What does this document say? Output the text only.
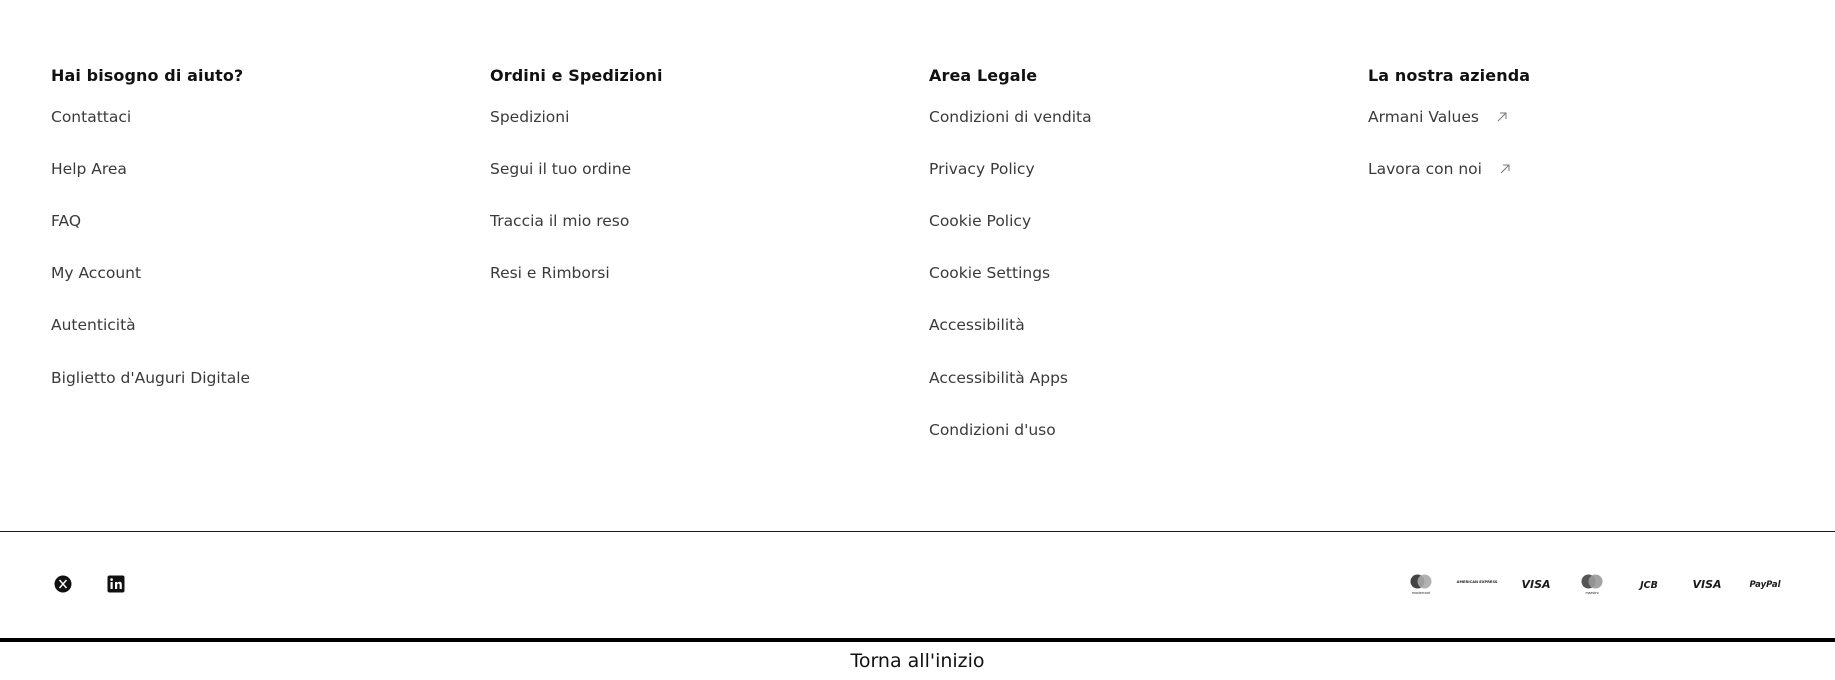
Hai bisogno di aiuto?
Contattaci
Help Area
FAQ
My Account
Autenticità
Biglietto d'Auguri Digitale
Ordini e Spedizioni
Spedizioni
Segui il tuo ordine
Traccia il mio reso
Resi e Rimborsi
Area Legale
Condizioni di vendita
Privacy Policy
Cookie Policy
Cookie Settings
Accessibilità
Accessibilità Apps
Condizioni d'uso
La nostra azienda
Armani Values
Lavora con noi
mastercard
AMERICAN EXPRESS VISA
maestro
JCB	VISA	PayPal
Torna all'inizio
